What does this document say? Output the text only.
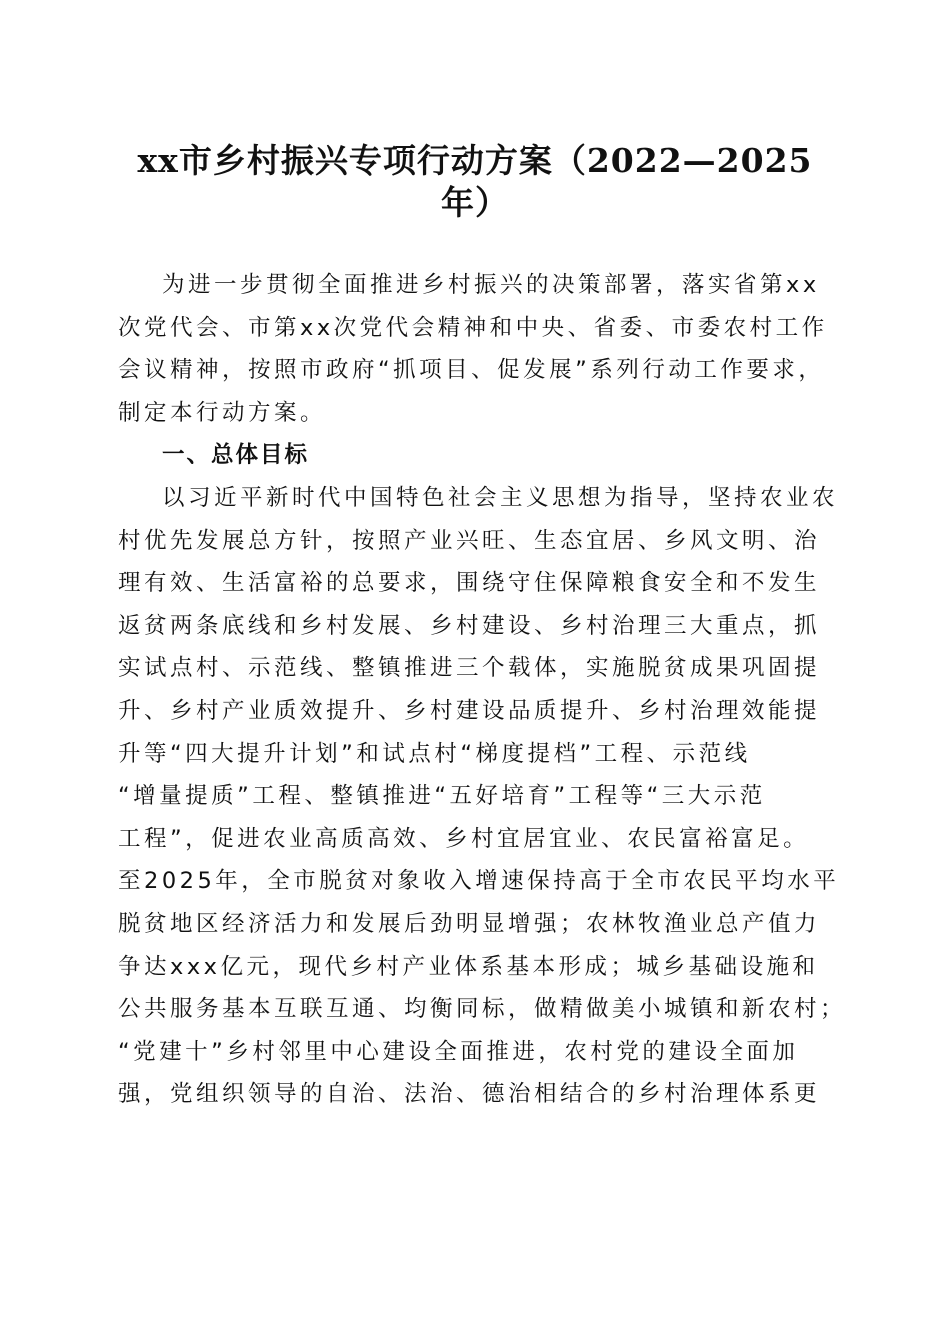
xx市乡村振兴专项行动方案（2022—2025
年）
为进一步贯彻全面推进乡村振兴的决策部署，落实省第xx
次党代会、市第xx次党代会精神和中央、省委、市委农村工作
会议精神，按照市政府“抓项目、促发展”系列行动工作要求，
制定本行动方案。
一、总体目标
以习近平新时代中国特色社会主义思想为指导，坚持农业农
村优先发展总方针，按照产业兴旺、生态宜居、乡风文明、治
理有效、生活富裕的总要求，围绕守住保障粮食安全和不发生
返贫两条底线和乡村发展、乡村建设、乡村治理三大重点，抓
实试点村、示范线、整镇推进三个载体，实施脱贫成果巩固提
升、乡村产业质效提升、乡村建设品质提升、乡村治理效能提
升等“四大提升计划”和试点村“梯度提档”工程、示范线
“增量提质”工程、整镇推进“五好培育”工程等“三大示范
工程”，促进农业高质高效、乡村宜居宜业、农民富裕富足。
至2025年，全市脱贫对象收入增速保持高于全市农民平均水平
脱贫地区经济活力和发展后劲明显增强；农林牧渔业总产值力
争达xxx亿元，现代乡村产业体系基本形成；城乡基础设施和
公共服务基本互联互通、均衡同标，做精做美小城镇和新农村；
“党建十”乡村邻里中心建设全面推进，农村党的建设全面加
强，党组织领导的自治、法治、德治相结合的乡村治理体系更
